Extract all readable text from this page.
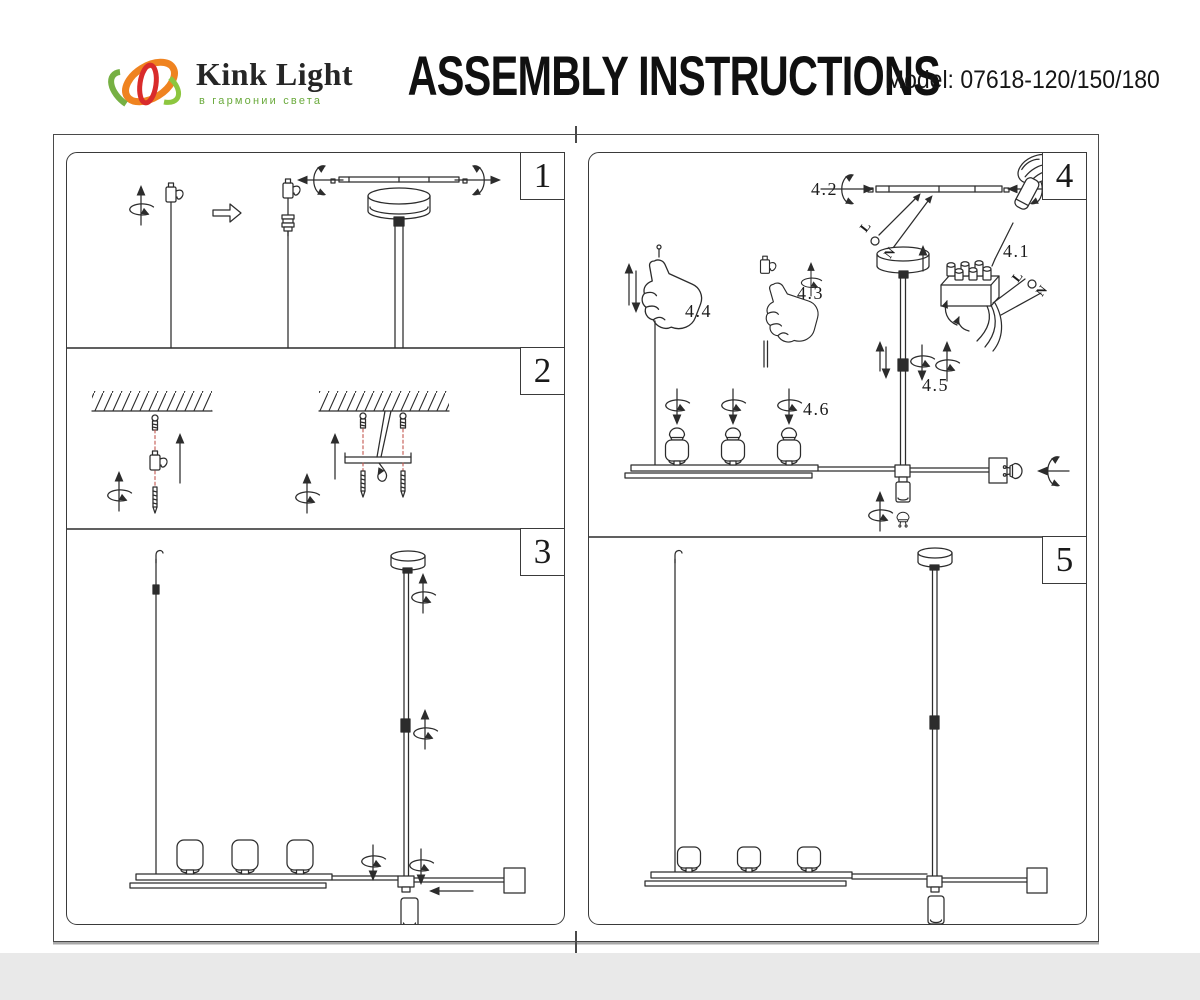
Kink Light
в гармонии света ASSEMBLY INSTRUCTIONS
Model: 07618-120/150/180
1
2
3
4.2
4.1
4.3
4.4
4.5
4.6
L
N
L
N
4
5
